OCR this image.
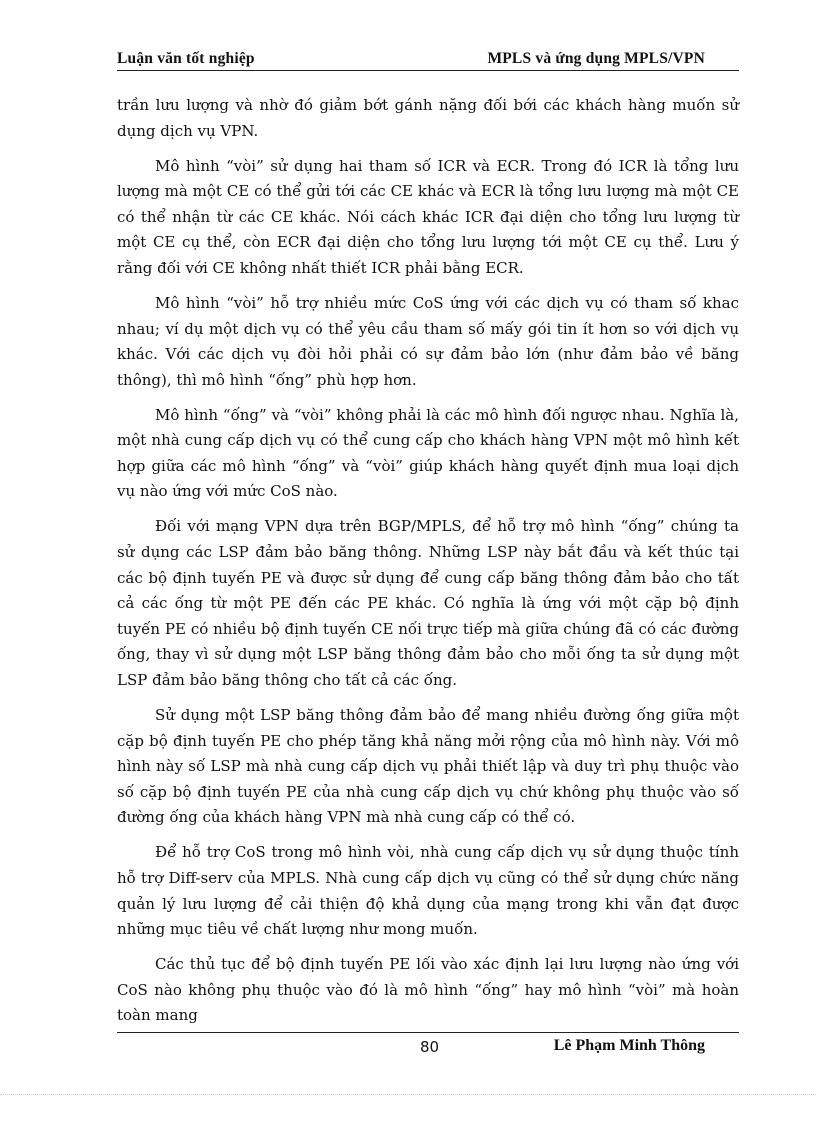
Luận văn tốt nghiệp	MPLS và ứng dụng MPLS/VPN

trần lưu lượng và nhờ đó giảm bớt gánh nặng đối bới các khách hàng muốn sử dụng dịch vụ VPN.

Mô hình “vòi” sử dụng hai tham số ICR và ECR. Trong đó ICR là tổng lưu lượng mà một CE có thể gửi tới các CE khác và ECR là tổng lưu lượng mà một CE có thể nhận từ các CE khác. Nói cách khác ICR đại diện cho tổng lưu lượng từ một CE cụ thể, còn ECR đại diện cho tổng lưu lượng tới một CE cụ thể. Lưu ý rằng đối với CE không nhất thiết ICR phải bằng ECR.

Mô hình “vòi” hỗ trợ nhiều mức CoS ứng với các dịch vụ có tham số khac nhau; ví dụ một dịch vụ có thể yêu cầu tham số mấy gói tin ít hơn so với dịch vụ khác. Với các dịch vụ đòi hỏi phải có sự đảm bảo lớn (như đảm bảo về băng thông), thì mô hình “ống” phù hợp hơn.

Mô hình “ống” và “vòi” không phải là các mô hình đối ngược nhau. Nghĩa là, một nhà cung cấp dịch vụ có thể cung cấp cho khách hàng VPN một mô hình kết hợp giữa các mô hình “ống” và “vòi” giúp khách hàng quyết định mua loại dịch vụ nào ứng với mức CoS nào.

Đối với mạng VPN dựa trên BGP/MPLS, để hỗ trợ mô hình “ống” chúng ta sử dụng các LSP đảm bảo băng thông. Những LSP này bắt đầu và kết thúc tại các bộ định tuyến PE và được sử dụng để cung cấp băng thông đảm bảo cho tất cả các ống từ một PE đến các PE khác. Có nghĩa là ứng với một cặp bộ định tuyến PE có nhiều bộ định tuyến CE nối trực tiếp mà giữa chúng đã có các đường ống, thay vì sử dụng một LSP băng thông đảm bảo cho mỗi ống ta sử dụng một LSP đảm bảo băng thông cho tất cả các ống.

Sử dụng một LSP băng thông đảm bảo để mang nhiều đường ống giữa một cặp bộ định tuyến PE cho phép tăng khả năng mởi rộng của mô hình này. Với mô hình này số LSP mà nhà cung cấp dịch vụ phải thiết lập và duy trì phụ thuộc vào số cặp bộ định tuyến PE của nhà cung cấp dịch vụ chứ không phụ thuộc vào số đường ống của khách hàng VPN mà nhà cung cấp có thể có.

Để hỗ trợ CoS trong mô hình vòi, nhà cung cấp dịch vụ sử dụng thuộc tính hỗ trợ Diff-serv của MPLS. Nhà cung cấp dịch vụ cũng có thể sử dụng chức năng quản lý lưu lượng để cải thiện độ khả dụng của mạng trong khi vẫn đạt được những mục tiêu về chất lượng như mong muốn.

Các thủ tục để bộ định tuyến PE lối vào xác định lại lưu lượng nào ứng với CoS nào không phụ thuộc vào đó là mô hình “ống” hay mô hình “vòi” mà hoàn toàn mang

80	Lê Phạm Minh Thông
